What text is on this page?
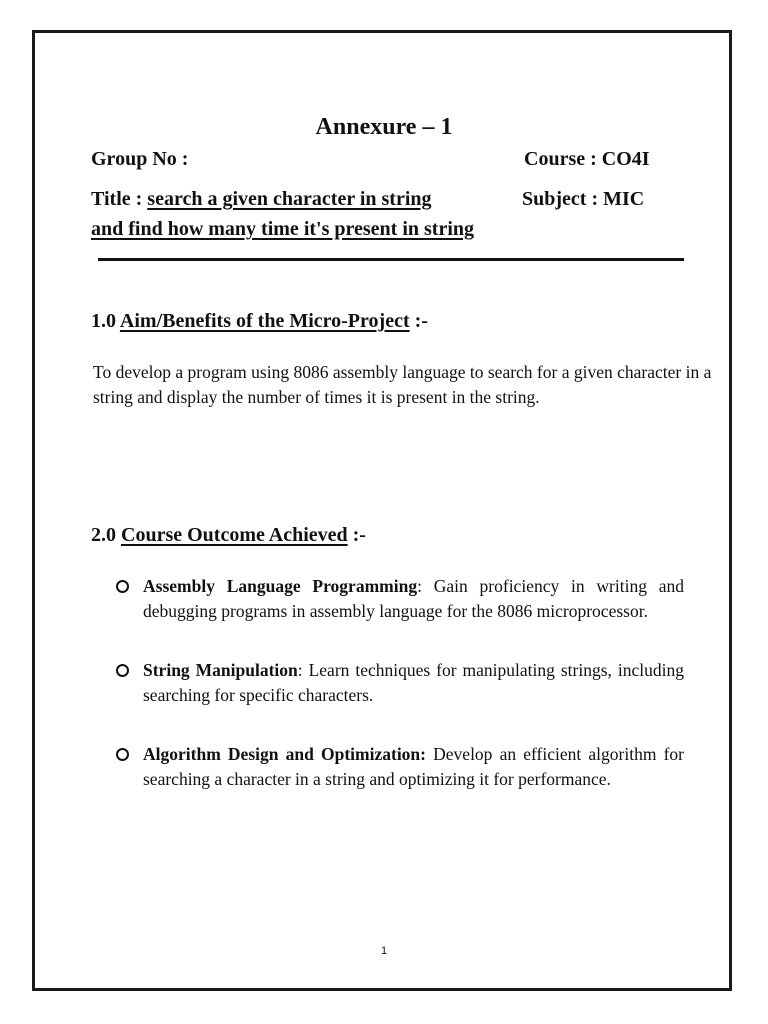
Annexure – 1
Group No :	Course : CO4I
Title : search a given character in string	Subject : MIC
and find how many time it's present in string
1.0 Aim/Benefits of the Micro-Project :-
To develop a program using 8086 assembly language to search for a given character in a string and display the number of times it is present in the string.
2.0 Course Outcome Achieved :-
Assembly Language Programming: Gain proficiency in writing and debugging programs in assembly language for the 8086 microprocessor.
String Manipulation: Learn techniques for manipulating strings, including searching for specific characters.
Algorithm Design and Optimization: Develop an efficient algorithm for searching a character in a string and optimizing it for performance.
1
